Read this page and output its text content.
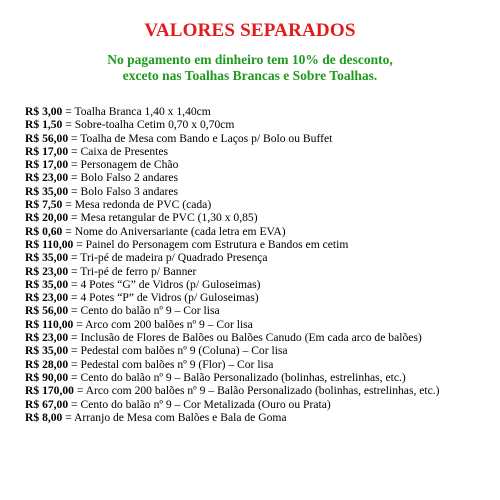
VALORES SEPARADOS
No pagamento em dinheiro tem 10% de desconto,
exceto nas Toalhas Brancas e Sobre Toalhas.
R$ 3,00 = Toalha Branca 1,40 x 1,40cm
R$ 1,50 = Sobre-toalha Cetim 0,70 x 0,70cm
R$ 56,00 = Toalha de Mesa com Bando e Laços p/ Bolo ou Buffet
R$ 17,00 = Caixa de Presentes
R$ 17,00 = Personagem de Chão
R$ 23,00 = Bolo Falso 2 andares
R$ 35,00 = Bolo Falso 3 andares
R$ 7,50 = Mesa redonda de PVC (cada)
R$ 20,00 = Mesa retangular de PVC (1,30 x 0,85)
R$ 0,60 = Nome do Aniversariante (cada letra em EVA)
R$ 110,00 = Painel do Personagem com Estrutura e Bandos em cetim
R$ 35,00 = Tri-pé de madeira p/ Quadrado Presença
R$ 23,00 = Tri-pé de ferro p/ Banner
R$ 35,00 = 4 Potes “G” de Vidros (p/ Guloseimas)
R$ 23,00 = 4 Potes “P” de Vidros (p/ Guloseimas)
R$ 56,00 = Cento do balão nº 9 – Cor lisa
R$ 110,00 = Arco com 200 balões nº 9 – Cor lisa
R$ 23,00 = Inclusão de Flores de Balões ou Balões Canudo (Em cada arco de balões)
R$ 35,00 = Pedestal com balões nº 9 (Coluna) – Cor lisa
R$ 28,00 = Pedestal com balões nº 9 (Flor) – Cor lisa
R$ 90,00 = Cento do balão nº 9 – Balão Personalizado (bolinhas, estrelinhas, etc.)
R$ 170,00 = Arco com 200 balões nº 9 – Balão Personalizado (bolinhas, estrelinhas, etc.)
R$ 67,00 = Cento do balão nº 9 – Cor Metalizada (Ouro ou Prata)
R$ 8,00 = Arranjo de Mesa com Balões e Bala de Goma
